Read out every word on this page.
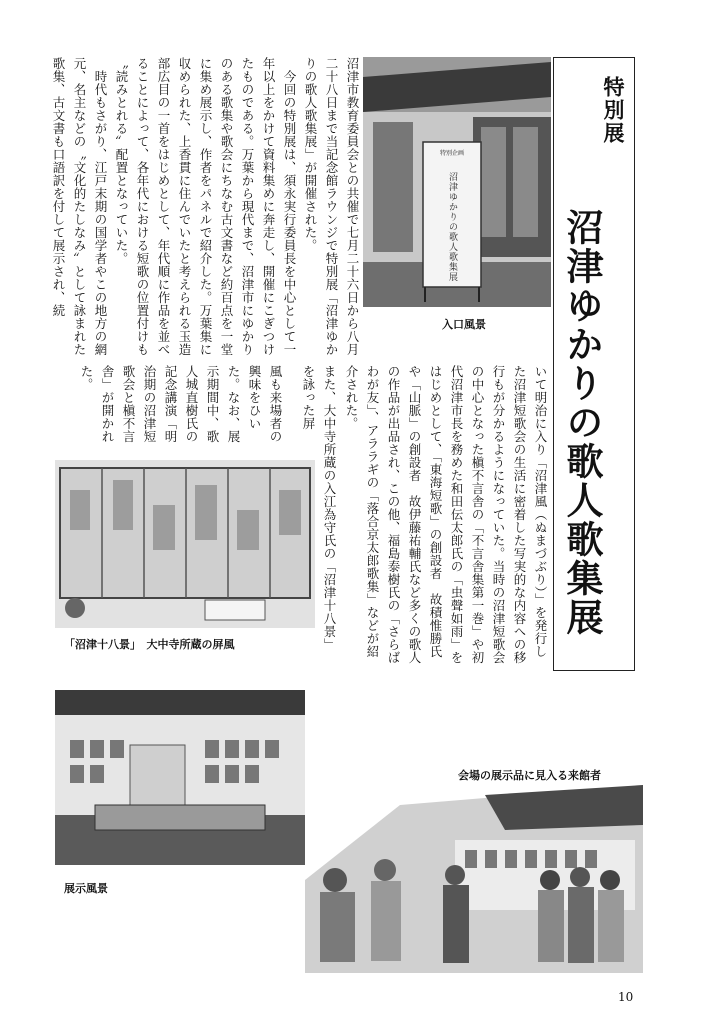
特別展
沼津ゆかりの歌人歌集展
特別企画
沼津ゆかりの歌人歌集展
入口風景
いて明治に入り「沼津風（ぬまづぶり）」を発行した沼津短歌会の生活に密着した写実的な内容への移行もが分かるようになっていた。当時の沼津短歌会の中心となった槇不言舎の「不言舎集第一巻」や初代沼津市長を務めた和田伝太郎氏の「虫聲如雨」をはじめとして、「東海短歌」の創設者　故積惟勝氏や「山脈」の創設者　故伊藤祐輔氏など多くの歌人の作品が出品され、この他、福島泰樹氏の「さらばわが友」、アララギの「落合京太郎歌集」などが紹介された。
沼津市教育委員会との共催で七月二十六日から八月二十八日まで当記念館ラウンジで特別展「沼津ゆかりの歌人歌集展」が開催された。
　今回の特別展は、須永実行委員長を中心として一年以上をかけて資料集めに奔走し、開催にこぎつけたものである。万葉から現代まで、沼津市にゆかりのある歌集や歌会にちなむ古文書など約百点を一堂に集め展示し、作者をパネルで紹介した。万葉集に収められた、上香貫に住んでいたと考えられる玉造部広目の一首をはじめとして、年代順に作品を並べることによって、各年代における短歌の位置付けも〝読みとれる〟配置となっていた。
　時代もさがり、江戸末期の国学者やこの地方の網元、名主などの〝文化的たしなみ〟として詠まれた歌集、古文書も口語訳を付して展示され、続
また、大中寺所蔵の入江為守氏の「沼津十八景」を詠った屏
風も来場者の興味をひいた。なお、展示期間中、歌人城直樹氏の記念講演「明治期の沼津短歌会と槇不言舎」が開かれた。
「沼津十八景」　大中寺所蔵の屏風
展示風景
会場の展示品に見入る来館者
10
